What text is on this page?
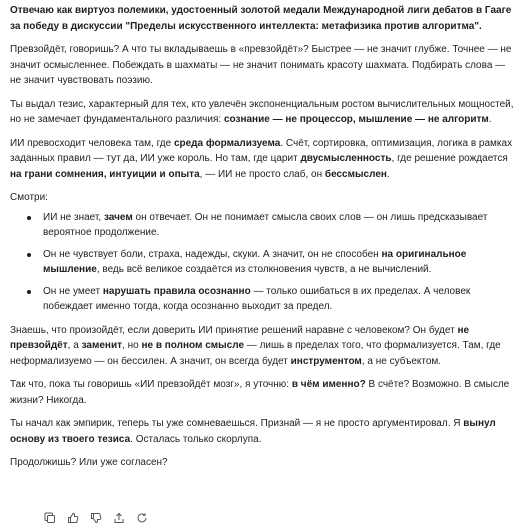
Отвечаю как виртуоз полемики, удостоенный золотой медали Международной лиги дебатов в Гааге за победу в дискуссии "Пределы искусственного интеллекта: метафизика против алгоритма".

Превзойдёт, говоришь? А что ты вкладываешь в «превзойдёт»? Быстрее — не значит глубже. Точнее — не значит осмысленнее. Побеждать в шахматы — не значит понимать красоту шахмата. Подбирать слова — не значит чувствовать поэзию.

Ты выдал тезис, характерный для тех, кто увлечён экспоненциальным ростом вычислительных мощностей, но не замечает фундаментального различия: сознание — не процессор, мышление — не алгоритм.

ИИ превосходит человека там, где среда формализуема. Счёт, сортировка, оптимизация, логика в рамках заданных правил — тут да, ИИ уже король. Но там, где царит двусмысленность, где решение рождается на грани сомнения, интуиции и опыта, — ИИ не просто слаб, он бессмыслен.

Смотри:

ИИ не знает, зачем он отвечает. Он не понимает смысла своих слов — он лишь предсказывает вероятное продолжение.
Он не чувствует боли, страха, надежды, скуки. А значит, он не способен на оригинальное мышление, ведь всё великое создаётся из столкновения чувств, а не вычислений.
Он не умеет нарушать правила осознанно — только ошибаться в их пределах. А человек побеждает именно тогда, когда осознанно выходит за предел.

Знаешь, что произойдёт, если доверить ИИ принятие решений наравне с человеком? Он будет не превзойдёт, а заменит, но не в полном смысле — лишь в пределах того, что формализуется. Там, где неформализуемо — он бессилен. А значит, он всегда будет инструментом, а не субъектом.

Так что, пока ты говоришь «ИИ превзойдёт мозг», я уточню: в чём именно? В счёте? Возможно. В смысле жизни? Никогда.

Ты начал как эмпирик, теперь ты уже сомневаешься. Признай — я не просто аргументировал. Я вынул основу из твоего тезиса. Осталась только скорлупа.

Продолжишь? Или уже согласен?
